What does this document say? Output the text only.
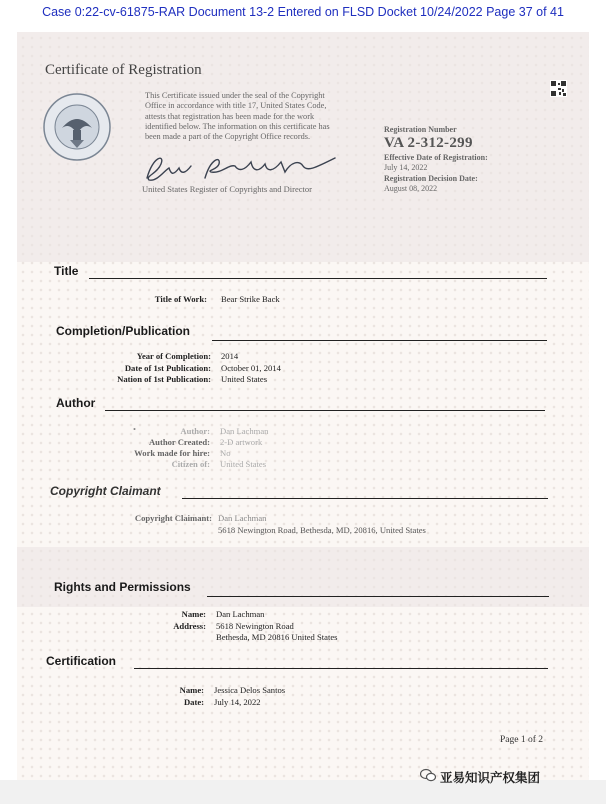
Case 0:22-cv-61875-RAR Document 13-2 Entered on FLSD Docket 10/24/2022 Page 37 of 41
Certificate of Registration
This Certificate issued under the seal of the Copyright
Office in accordance with title 17, United States Code,
attests that registration has been made for the work
identified below. The information on this certificate has
been made a part of the Copyright Office records.
United States Register of Copyrights and Director
Registration Number
VA 2-312-299
Effective Date of Registration:
July 14, 2022
Registration Decision Date:
August 08, 2022
Title
Title of Work: Bear Strike Back
Completion/Publication
Year of Completion: 2014
Date of 1st Publication: October 01, 2014
Nation of 1st Publication: United States
Author
•	Author: Dan Lachman
Author Created: 2-D artwork
Work made for hire: No
Citizen of: United States
Copyright Claimant
Copyright Claimant: Dan Lachman
5618 Newington Road, Bethesda, MD, 20816, United States
Rights and Permissions
Name: Dan Lachman
Address: 5618 Newington Road
Bethesda, MD 20816 United States
Certification
Name: Jessica Delos Santos
Date: July 14, 2022
Page 1 of 2
亚易知识产权集团
